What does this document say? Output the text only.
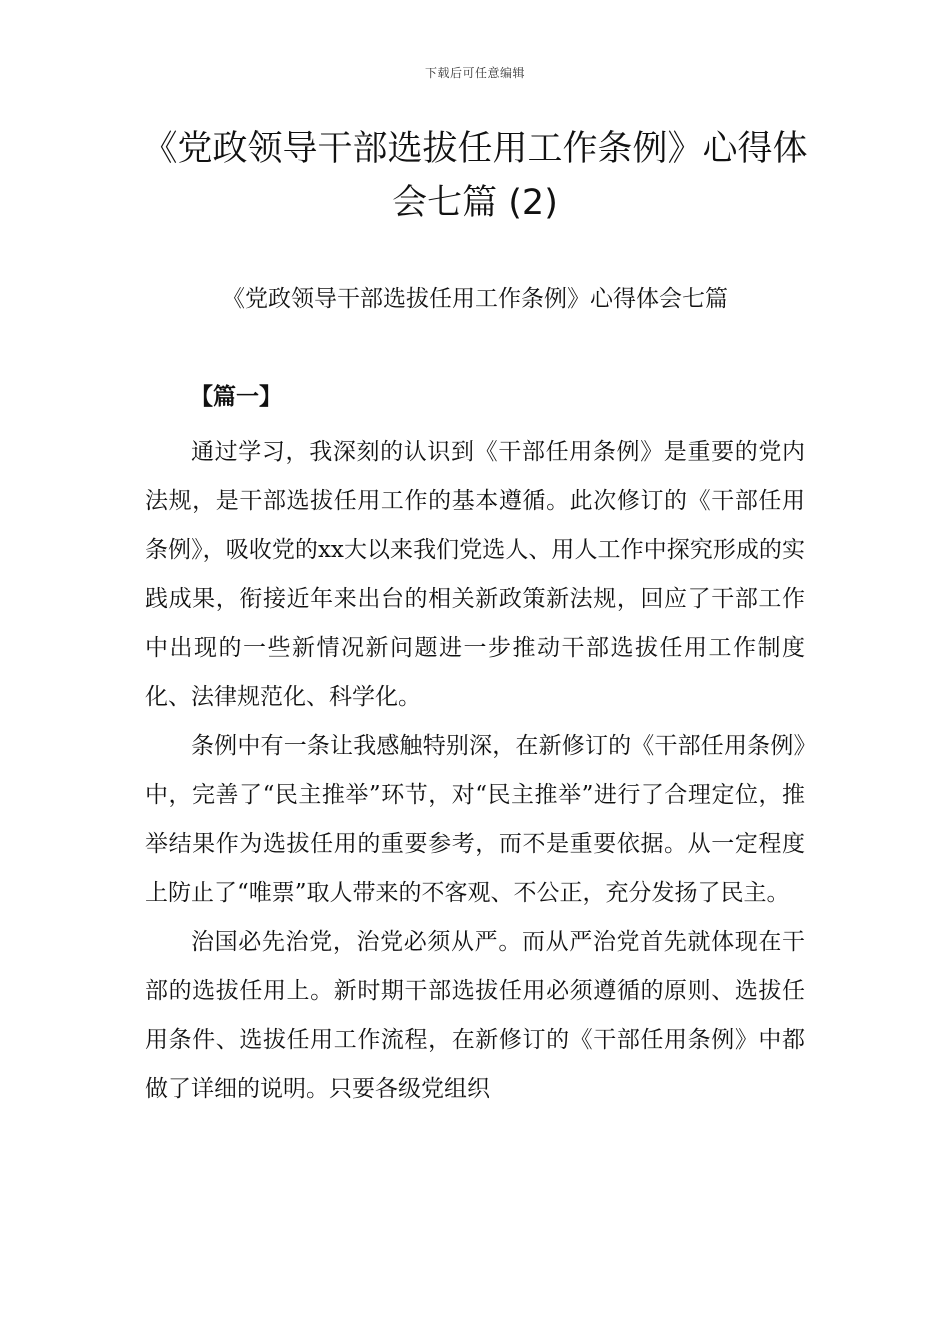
下载后可任意编辑
《党政领导干部选拔任用工作条例》心得体会七篇 (2)

《党政领导干部选拔任用工作条例》心得体会七篇

【篇一】

通过学习，我深刻的认识到《干部任用条例》是重要的党内法规，是干部选拔任用工作的基本遵循。此次修订的《干部任用条例》，吸收党的xx大以来我们党选人、用人工作中探究形成的实践成果，衔接近年来出台的相关新政策新法规，回应了干部工作中出现的一些新情况新问题进一步推动干部选拔任用工作制度化、法律规范化、科学化。

条例中有一条让我感触特别深，在新修订的《干部任用条例》中，完善了“民主推举”环节，对“民主推举”进行了合理定位，推举结果作为选拔任用的重要参考，而不是重要依据。从一定程度上防止了“唯票”取人带来的不客观、不公正，充分发扬了民主。

治国必先治党，治党必须从严。而从严治党首先就体现在干部的选拔任用上。新时期干部选拔任用必须遵循的原则、选拔任用条件、选拔任用工作流程，在新修订的《干部任用条例》中都做了详细的说明。只要各级党组织
